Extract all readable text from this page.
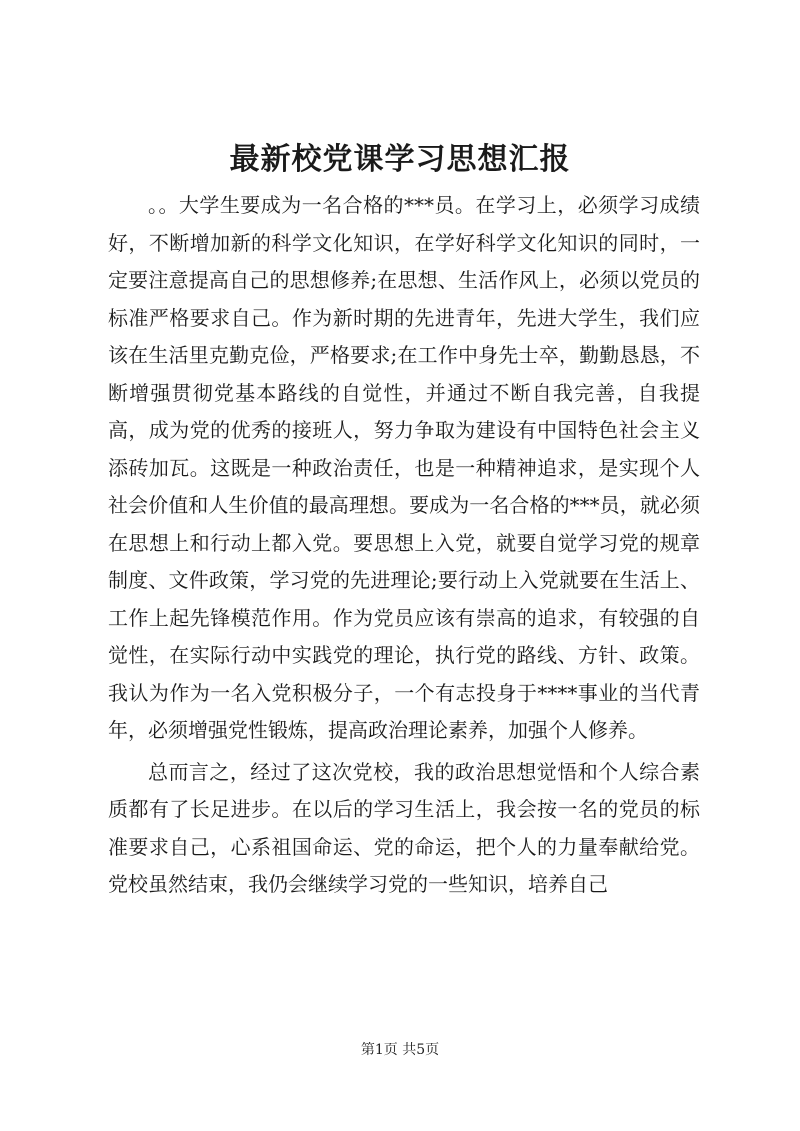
最新校党课学习思想汇报

。。大学生要成为一名合格的***员。在学习上，必须学习成绩好，不断增加新的科学文化知识，在学好科学文化知识的同时，一定要注意提高自己的思想修养;在思想、生活作风上，必须以党员的标准严格要求自己。作为新时期的先进青年，先进大学生，我们应该在生活里克勤克俭，严格要求;在工作中身先士卒，勤勤恳恳，不断增强贯彻党基本路线的自觉性，并通过不断自我完善，自我提高，成为党的优秀的接班人，努力争取为建设有中国特色社会主义添砖加瓦。这既是一种政治责任，也是一种精神追求，是实现个人社会价值和人生价值的最高理想。要成为一名合格的***员，就必须在思想上和行动上都入党。要思想上入党，就要自觉学习党的规章制度、文件政策，学习党的先进理论;要行动上入党就要在生活上、工作上起先锋模范作用。作为党员应该有崇高的追求，有较强的自觉性，在实际行动中实践党的理论，执行党的路线、方针、政策。我认为作为一名入党积极分子，一个有志投身于****事业的当代青年，必须增强党性锻炼，提高政治理论素养，加强个人修养。

总而言之，经过了这次党校，我的政治思想觉悟和个人综合素质都有了长足进步。在以后的学习生活上，我会按一名的党员的标准要求自己，心系祖国命运、党的命运，把个人的力量奉献给党。党校虽然结束，我仍会继续学习党的一些知识，培养自己

第1页 共5页
